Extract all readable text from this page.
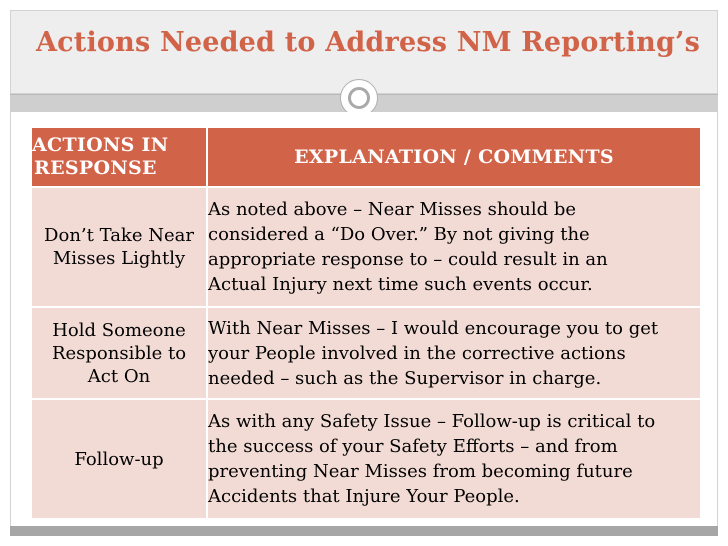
Actions Needed to Address NM Reporting’s
ACTIONS IN
RESPONSE	EXPLANATION / COMMENTS

Don’t Take Near
Misses Lightly	As noted above – Near Misses should be
considered a “Do Over.” By not giving the
appropriate response to – could result in an
Actual Injury next time such events occur.

Hold Someone
Responsible to
Act On	With Near Misses – I would encourage you to get
your People involved in the corrective actions
needed – such as the Supervisor in charge.

Follow-up	As with any Safety Issue – Follow-up is critical to
the success of your Safety Efforts – and from
preventing Near Misses from becoming future
Accidents that Injure Your People.
